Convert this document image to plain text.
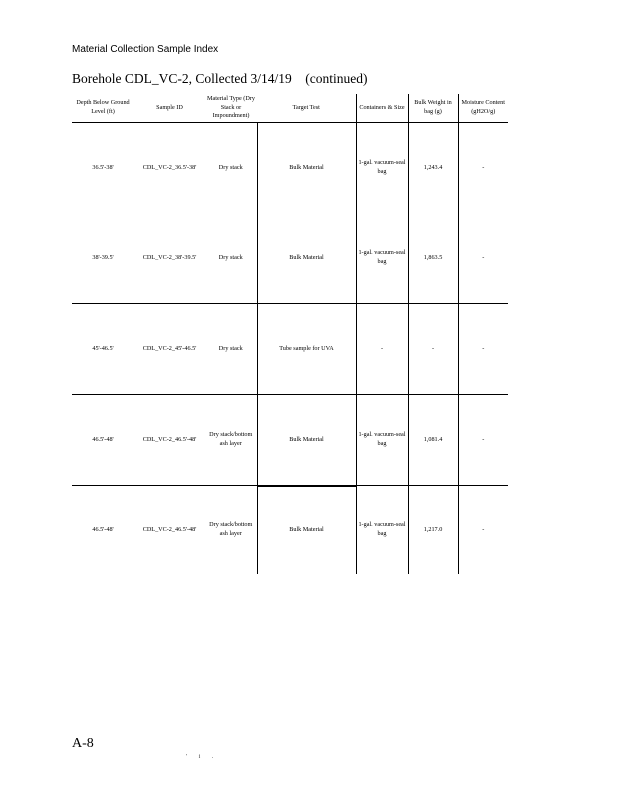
Material Collection Sample Index
Borehole CDL_VC-2, Collected 3/14/19    (continued)
Depth Below Ground Level (ft)	Sample ID	Material Type (Dry Stack or Impoundment)	Target Test	Containers & Size	Bulk Weight in bag (g)	Moisture Content (gH2O/g)
36.5'-38'	CDL_VC-2_36.5'-38'	Dry stack	Bulk Material	1-gal. vacuum-seal bag	1,243.4	-
38'-39.5'	CDL_VC-2_38'-39.5'	Dry stack	Bulk Material	1-gal. vacuum-seal bag	1,863.5	-
45'-46.5'	CDL_VC-2_45'-46.5'	Dry stack	Tube sample for UVA	-	-	-
46.5'-48'	CDL_VC-2_46.5'-48'	Dry stack/bottom ash layer	Bulk Material	1-gal. vacuum-seal bag	1,081.4	-
46.5'-48'	CDL_VC-2_46.5'-48'	Dry stack/bottom ash layer	Bulk Material	1-gal. vacuum-seal bag	1,217.0	-
A-8
' i .
